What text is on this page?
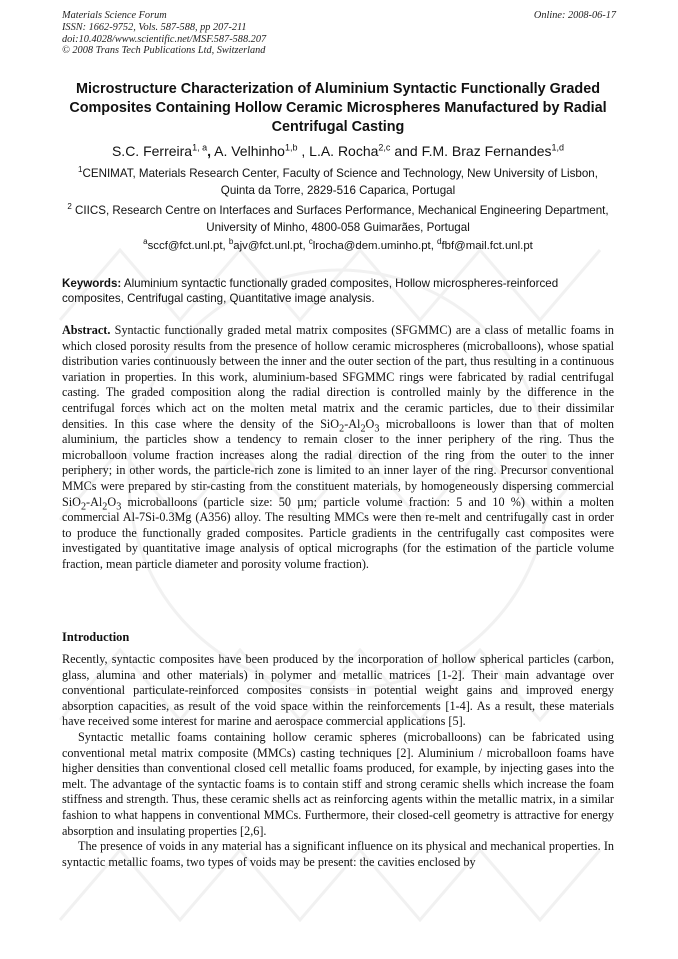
Materials Science Forum
ISSN: 1662-9752, Vols. 587-588, pp 207-211
doi:10.4028/www.scientific.net/MSF.587-588.207
© 2008 Trans Tech Publications Ltd, Switzerland
Online: 2008-06-17
Microstructure Characterization of Aluminium Syntactic Functionally Graded Composites Containing Hollow Ceramic Microspheres Manufactured by Radial Centrifugal Casting
S.C. Ferreira$^{1, a}$, A. Velhinho$^{1,b}$ , L.A. Rocha$^{2,c}$ and F.M. Braz Fernandes$^{1,d}$
$^1$CENIMAT, Materials Research Center, Faculty of Science and Technology, New University of Lisbon, Quinta da Torre, 2829-516 Caparica, Portugal
$^2$ CIICS, Research Centre on Interfaces and Surfaces Performance, Mechanical Engineering Department, University of Minho, 4800-058 Guimarães, Portugal
$^a$sccf@fct.unl.pt, $^b$ajv@fct.unl.pt, $^c$lrocha@dem.uminho.pt, $^d$fbf@mail.fct.unl.pt
Keywords: Aluminium syntactic functionally graded composites, Hollow microspheres-reinforced composites, Centrifugal casting, Quantitative image analysis.

Abstract. Syntactic functionally graded metal matrix composites (SFGMMC) are a class of metallic foams in which closed porosity results from the presence of hollow ceramic microspheres (microballoons), whose spatial distribution varies continuously between the inner and the outer section of the part, thus resulting in a continuous variation in properties. In this work, aluminium-based SFGMMC rings were fabricated by radial centrifugal casting. The graded composition along the radial direction is controlled mainly by the difference in the centrifugal forces which act on the molten metal matrix and the ceramic particles, due to their dissimilar densities. In this case where the density of the $SiO_2-Al_2O_3$ microballoons is lower than that of molten aluminium, the particles show a tendency to remain closer to the inner periphery of the ring. Thus the microballoon volume fraction increases along the radial direction of the ring from the outer to the inner periphery; in other words, the particle-rich zone is limited to an inner layer of the ring. Precursor conventional MMCs were prepared by stir-casting from the constituent materials, by homogeneously dispersing commercial $SiO_2-Al_2O_3$ microballoons (particle size: 50 µm; particle volume fraction: 5 and 10 %) within a molten commercial Al-7Si-0.3Mg (A356) alloy. The resulting MMCs were then re-melt and centrifugally cast in order to produce the functionally graded composites. Particle gradients in the centrifugally cast composites were investigated by quantitative image analysis of optical micrographs (for the estimation of the particle volume fraction, mean particle diameter and porosity volume fraction).

Introduction

Recently, syntactic composites have been produced by the incorporation of hollow spherical particles (carbon, glass, alumina and other materials) in polymer and metallic matrices [1-2]. Their main advantage over conventional particulate-reinforced composites consists in potential weight gains and improved energy absorption capacities, as result of the void space within the reinforcements [1-4]. As a result, these materials have received some interest for marine and aerospace commercial applications [5].

Syntactic metallic foams containing hollow ceramic spheres (microballoons) can be fabricated using conventional metal matrix composite (MMCs) casting techniques [2]. Aluminium / microballoon foams have higher densities than conventional closed cell metallic foams produced, for example, by injecting gases into the melt. The advantage of the syntactic foams is to contain stiff and strong ceramic shells which increase the foam stiffness and strength. Thus, these ceramic shells act as reinforcing agents within the metallic matrix, in a similar fashion to what happens in conventional MMCs. Furthermore, their closed-cell geometry is attractive for energy absorption and insulating properties [2,6].

The presence of voids in any material has a significant influence on its physical and mechanical properties. In syntactic metallic foams, two types of voids may be present: the cavities enclosed by
